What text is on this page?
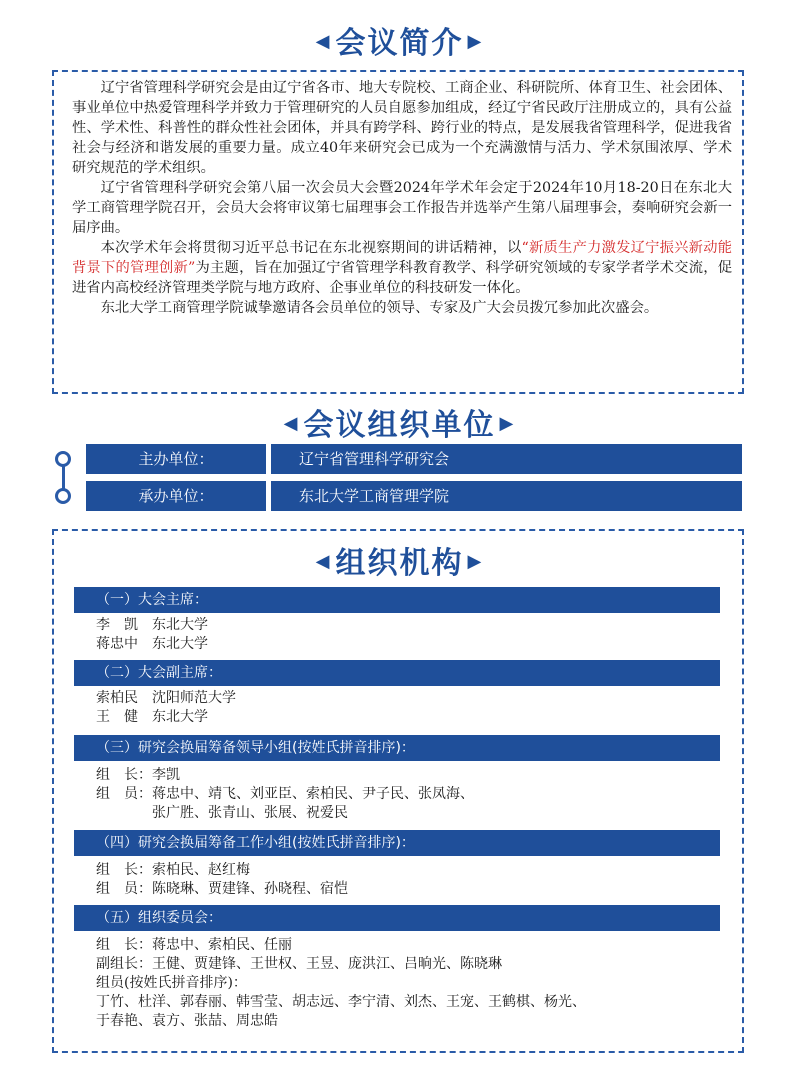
◀ 会议简介 ▶

辽宁省管理科学研究会是由辽宁省各市、地大专院校、工商企业、科研院所、体育卫生、社会团体、事业单位中热爱管理科学并致力于管理研究的人员自愿参加组成，经辽宁省民政厅注册成立的，具有公益性、学术性、科普性的群众性社会团体，并具有跨学科、跨行业的特点，是发展我省管理科学，促进我省社会与经济和谐发展的重要力量。成立40年来研究会已成为一个充满激情与活力、学术氛围浓厚、学术研究规范的学术组织。

辽宁省管理科学研究会第八届一次会员大会暨2024年学术年会定于2024年10月18-20日在东北大学工商管理学院召开，会员大会将审议第七届理事会工作报告并选举产生第八届理事会，奏响研究会新一届序曲。

本次学术年会将贯彻习近平总书记在东北视察期间的讲话精神，以“新质生产力激发辽宁振兴新动能背景下的管理创新”为主题，旨在加强辽宁省管理学科教育教学、科学研究领域的专家学者学术交流，促进省内高校经济管理类学院与地方政府、企事业单位的科技研发一体化。

东北大学工商管理学院诚挚邀请各会员单位的领导、专家及广大会员拨冗参加此次盛会。

◀ 会议组织单位 ▶
主办单位：	辽宁省管理科学研究会
承办单位：	东北大学工商管理学院
◀ 组织机构 ▶
（一）大会主席：
李　凯　东北大学
蒋忠中　东北大学
（二）大会副主席：
索柏民　沈阳师范大学
王　健　东北大学
（三）研究会换届筹备领导小组(按姓氏拼音排序)：
组　长：李凯
组　员：蒋忠中、靖飞、刘亚臣、索柏民、尹子民、张凤海、
　　　　张广胜、张青山、张展、祝爱民
（四）研究会换届筹备工作小组(按姓氏拼音排序)：
组　长：索柏民、赵红梅
组　员：陈晓琳、贾建锋、孙晓程、宿恺
（五）组织委员会：
组　长：蒋忠中、索柏民、任丽
副组长：王健、贾建锋、王世权、王昱、庞洪江、吕晌光、陈晓琳
组员(按姓氏拼音排序)：
丁竹、杜洋、郭春丽、韩雪莹、胡志远、李宁清、刘杰、王宠、王鹤棋、杨光、
于春艳、袁方、张喆、周忠皓
